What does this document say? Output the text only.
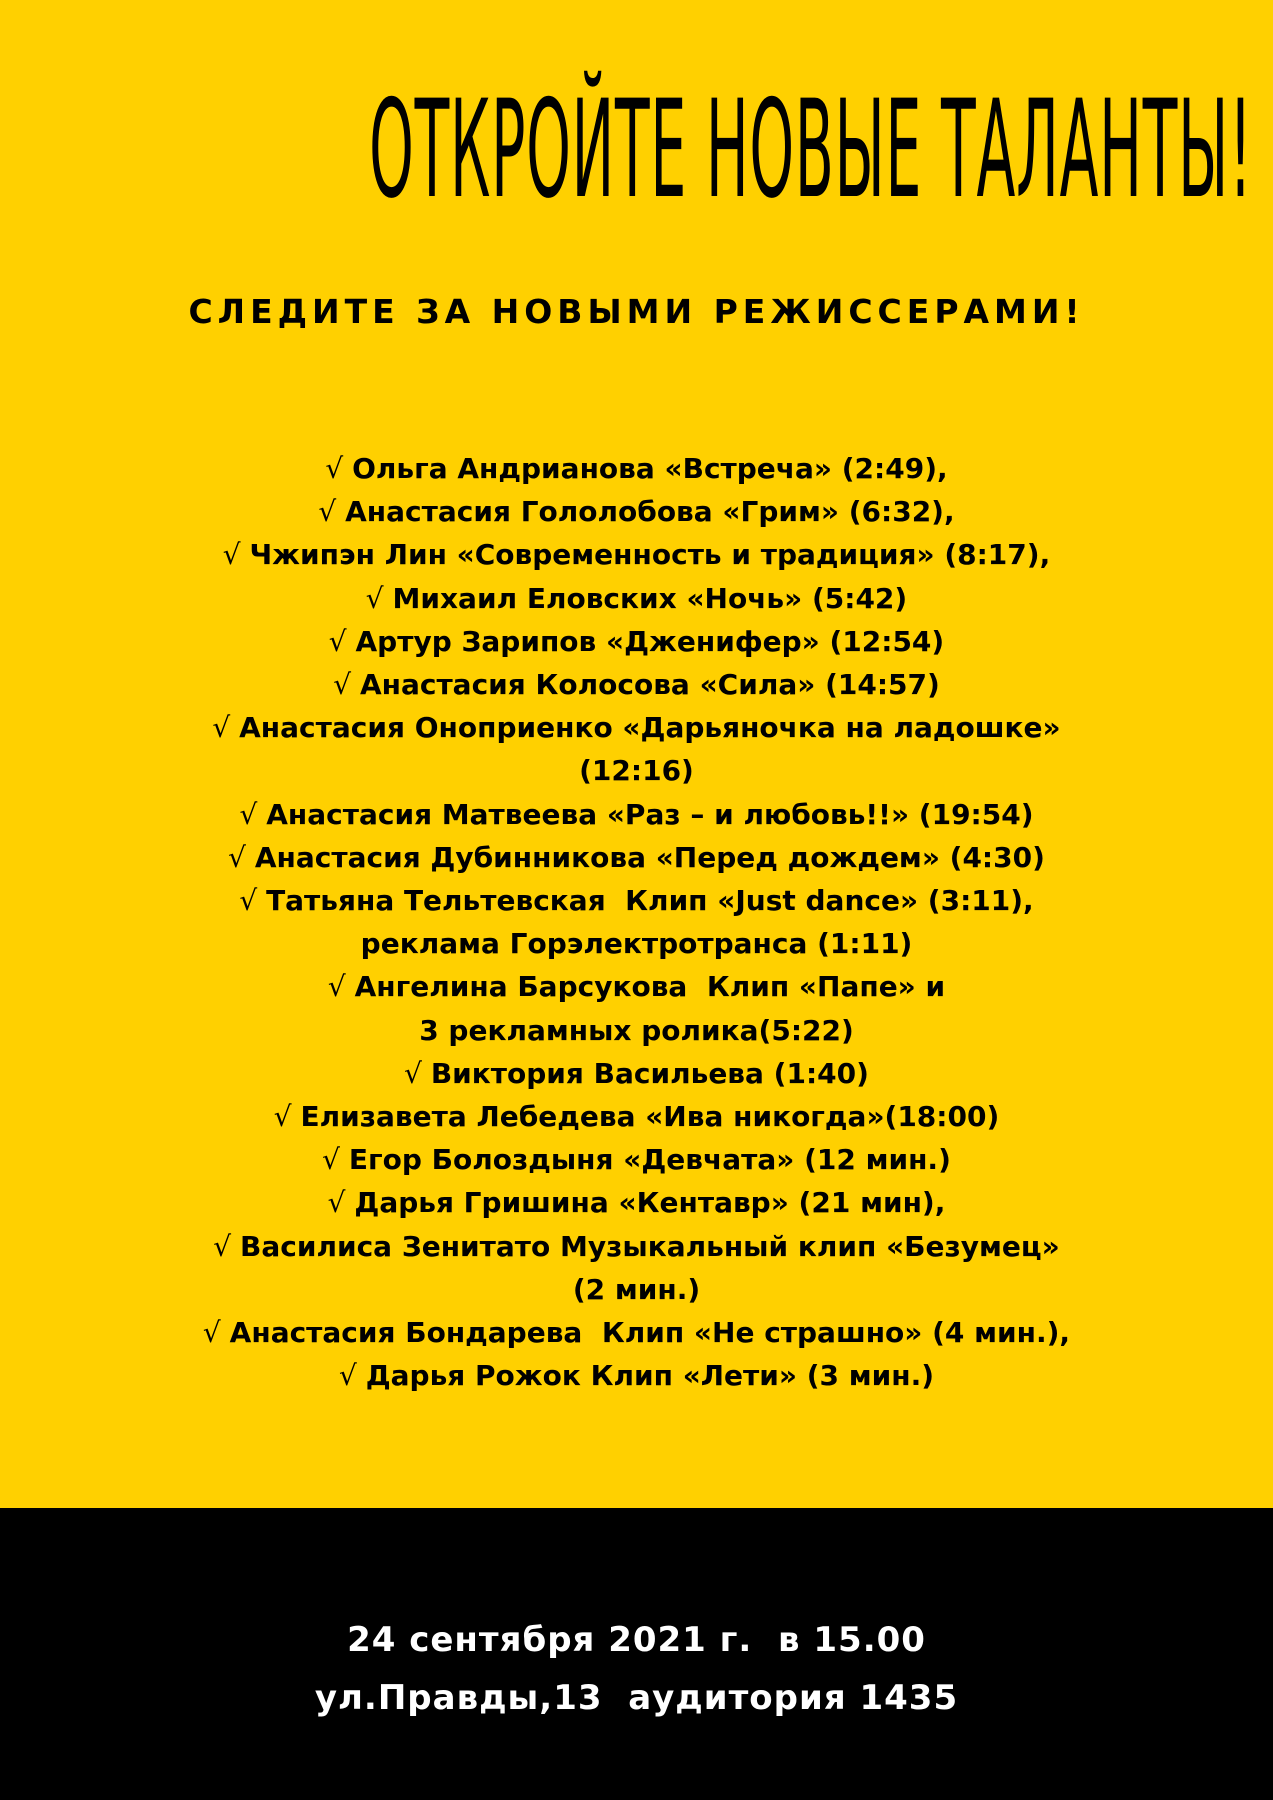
ОТКРОЙТЕ НОВЫЕ ТАЛАНТЫ!
СЛЕДИТЕ ЗА НОВЫМИ РЕЖИССЕРАМИ!
√ Ольга Андрианова «Встреча» (2:49),
√ Анастасия Гололобова «Грим» (6:32),
√ Чжипэн Лин «Современность и традиция» (8:17),
√ Михаил Еловских «Ночь» (5:42)
√ Артур Зарипов «Дженифер» (12:54)
√ Анастасия Колосова «Сила» (14:57)
√ Анастасия Оноприенко «Дарьяночка на ладошке»
(12:16)
√ Анастасия Матвеева «Раз – и любовь!!» (19:54)
√ Анастасия Дубинникова «Перед дождем» (4:30)
√ Татьяна Тельтевская  Клип «Just dance» (3:11),
реклама Горэлектротранса (1:11)
√ Ангелина Барсукова  Клип «Папе» и
3 рекламных ролика(5:22)
√ Виктория Васильева (1:40)
√ Елизавета Лебедева «Ива никогда»(18:00)
√ Егор Болоздыня «Девчата» (12 мин.)
√ Дарья Гришина «Кентавр» (21 мин),
√ Василиса Зенитато Музыкальный клип «Безумец»
(2 мин.)
√ Анастасия Бондарева  Клип «Не страшно» (4 мин.),
√ Дарья Рожок Клип «Лети» (3 мин.)
24 сентября 2021 г.  в 15.00
ул.Правды,13  аудитория 1435
